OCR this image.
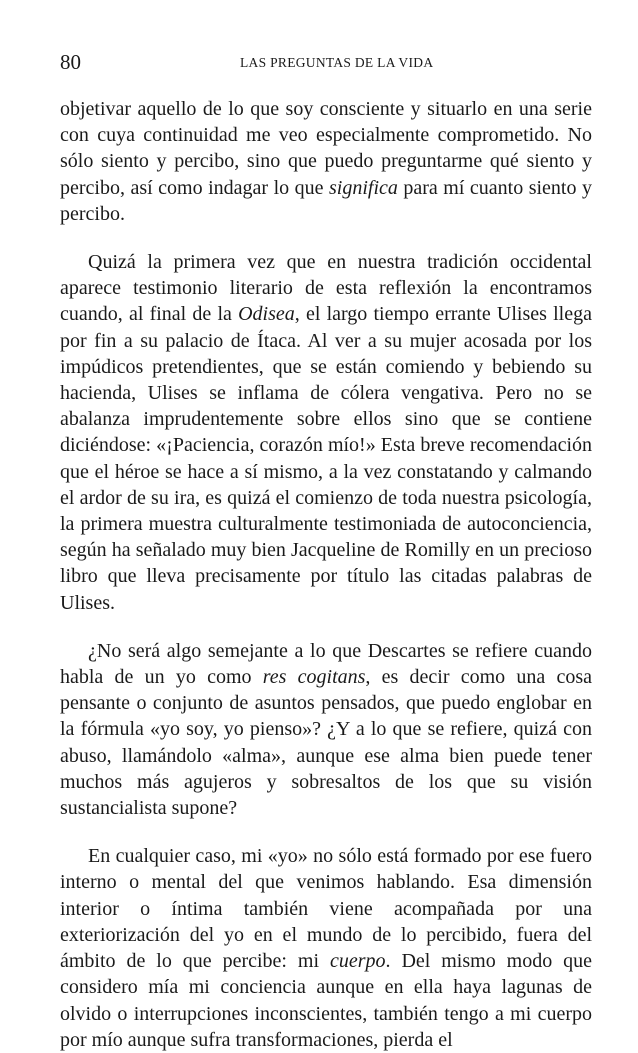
80	LAS PREGUNTAS DE LA VIDA

objetivar aquello de lo que soy consciente y situarlo en una serie con cuya continuidad me veo especialmente comprometido. No sólo siento y percibo, sino que puedo preguntarme qué siento y percibo, así como indagar lo que significa para mí cuanto siento y percibo.

Quizá la primera vez que en nuestra tradición occidental aparece testimonio literario de esta reflexión la encontramos cuando, al final de la Odisea, el largo tiempo errante Ulises llega por fin a su palacio de Ítaca. Al ver a su mujer acosada por los impúdicos pretendientes, que se están comiendo y bebiendo su hacienda, Ulises se inflama de cólera vengativa. Pero no se abalanza imprudentemente sobre ellos sino que se contiene diciéndose: «¡Paciencia, corazón mío!» Esta breve recomendación que el héroe se hace a sí mismo, a la vez constatando y calmando el ardor de su ira, es quizá el comienzo de toda nuestra psicología, la primera muestra culturalmente testimoniada de autoconciencia, según ha señalado muy bien Jacqueline de Romilly en un precioso libro que lleva precisamente por título las citadas palabras de Ulises.

¿No será algo semejante a lo que Descartes se refiere cuando habla de un yo como res cogitans, es decir como una cosa pensante o conjunto de asuntos pensados, que puedo englobar en la fórmula «yo soy, yo pienso»? ¿Y a lo que se refiere, quizá con abuso, llamándolo «alma», aunque ese alma bien puede tener muchos más agujeros y sobresaltos de los que su visión sustancialista supone?

En cualquier caso, mi «yo» no sólo está formado por ese fuero interno o mental del que venimos hablando. Esa dimensión interior o íntima también viene acompañada por una exteriorización del yo en el mundo de lo percibido, fuera del ámbito de lo que percibe: mi cuerpo. Del mismo modo que considero mía mi conciencia aunque en ella haya lagunas de olvido o interrupciones inconscientes, también tengo a mi cuerpo por mío aunque sufra transformaciones, pierda el
